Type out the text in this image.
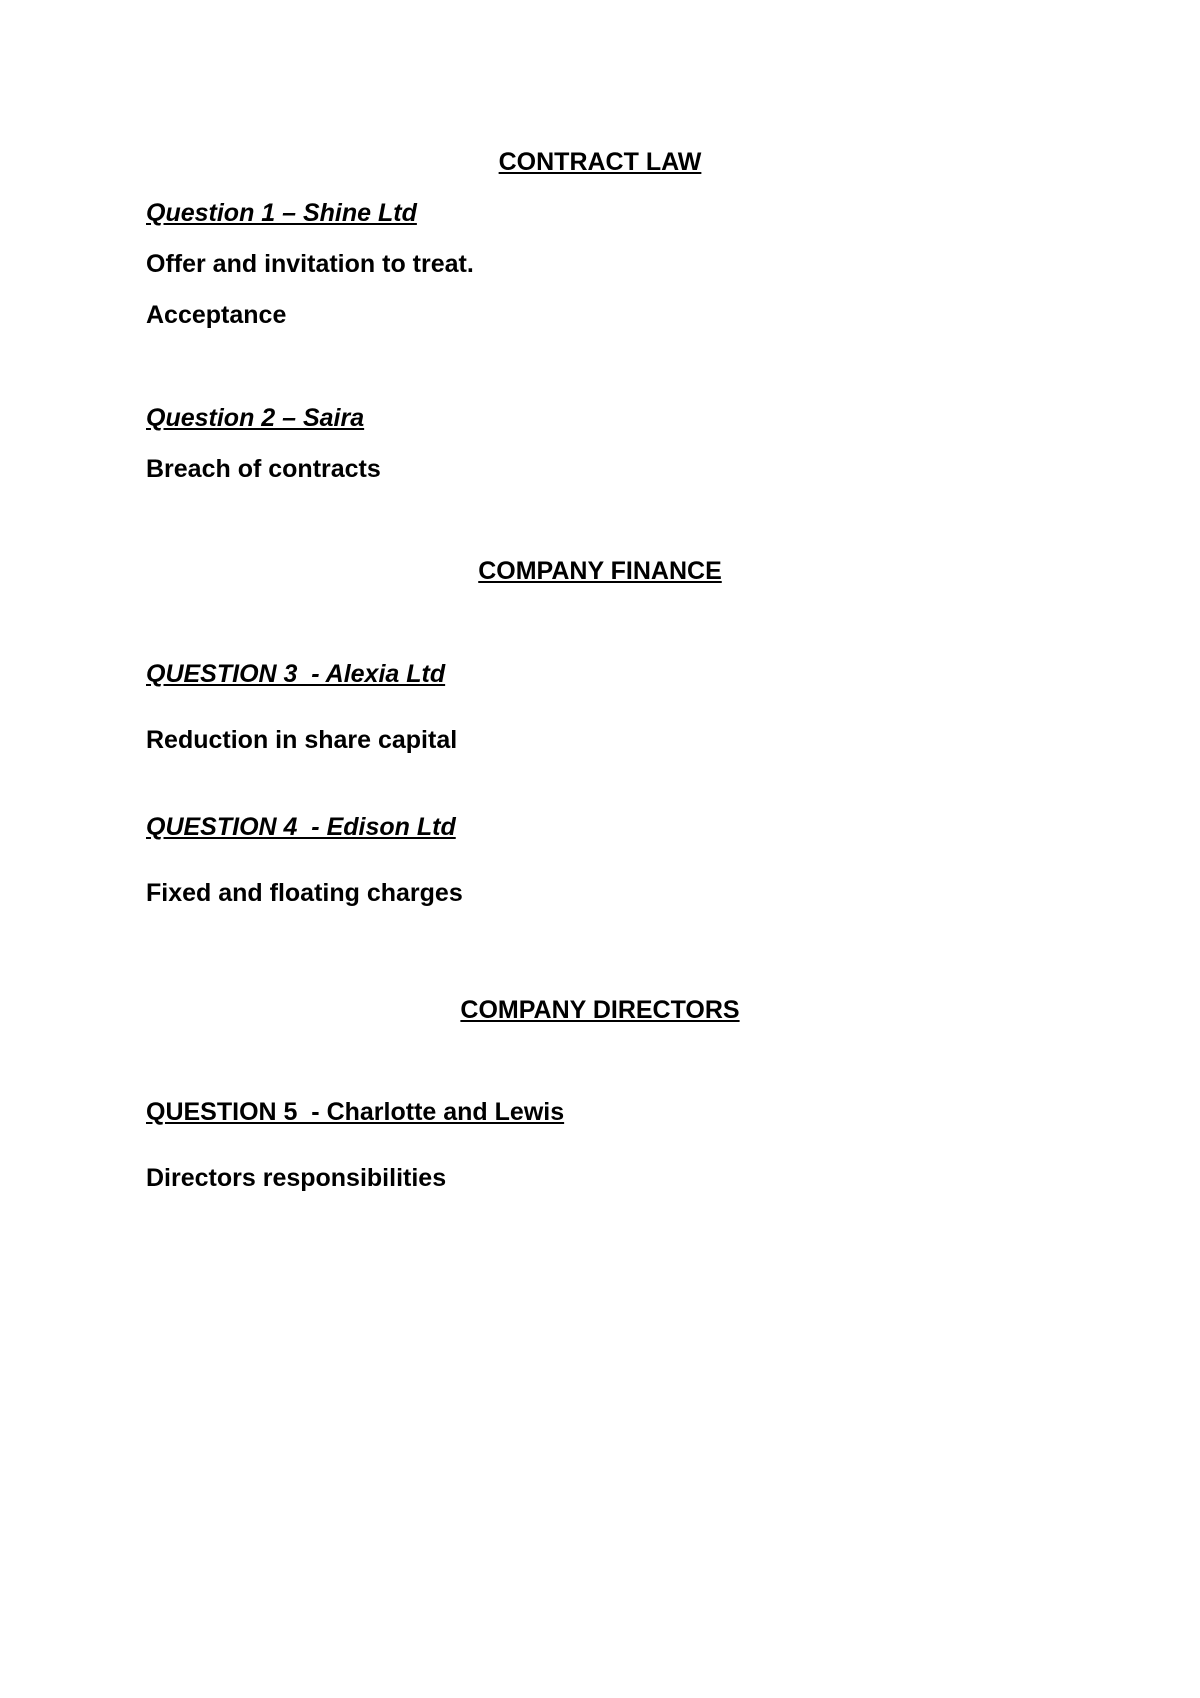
CONTRACT LAW

Question 1 – Shine Ltd

Offer and invitation to treat.

Acceptance

Question 2 – Saira

Breach of contracts

COMPANY FINANCE

QUESTION 3  - Alexia Ltd

Reduction in share capital

QUESTION 4  - Edison Ltd

Fixed and floating charges

COMPANY DIRECTORS

QUESTION 5  - Charlotte and Lewis

Directors responsibilities
